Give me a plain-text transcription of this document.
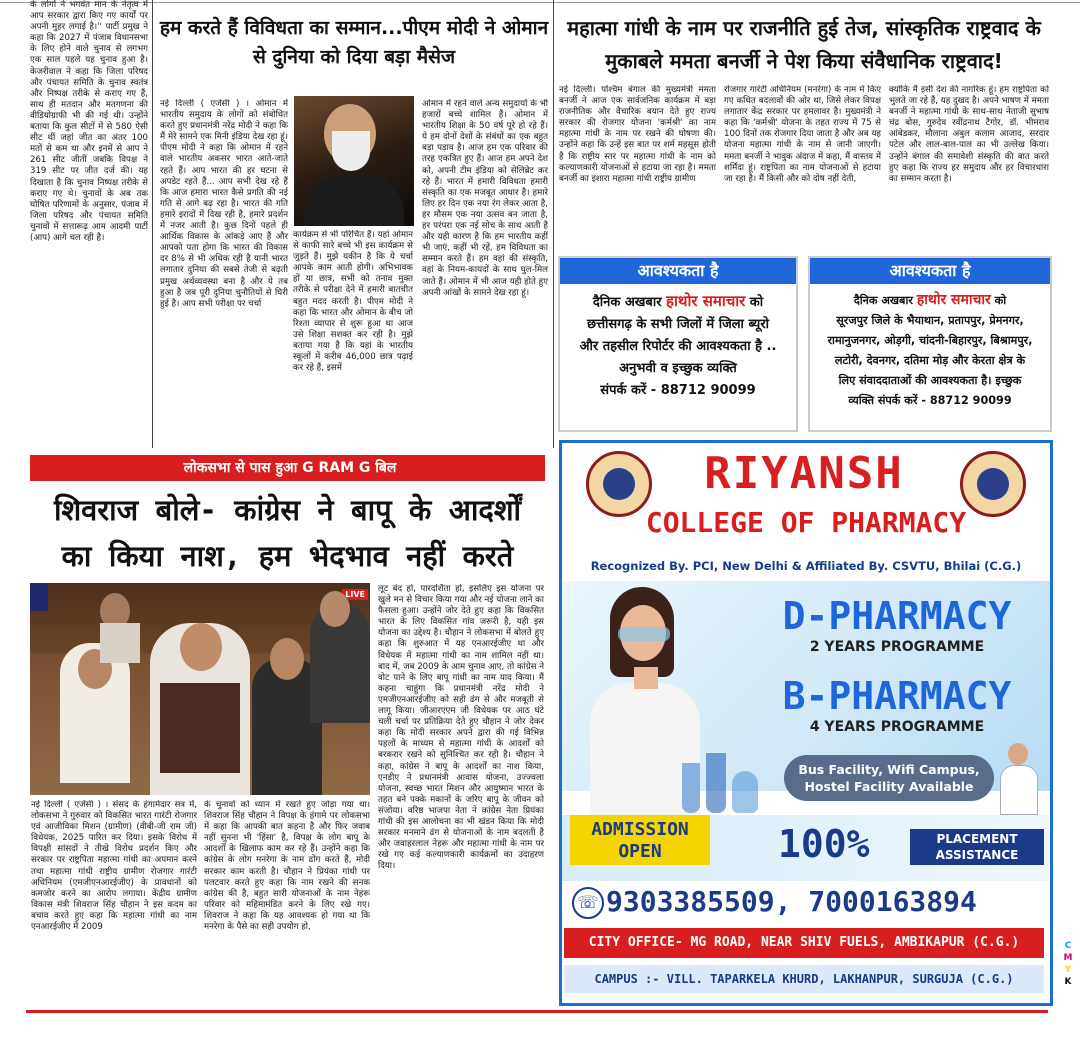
के लोगों ने भगवंत मान के नेतृत्व में आप सरकार द्वारा किए गए कार्यों पर अपनी मुहर लगाई है।'' पार्टी प्रमुख ने कहा कि 2027 में पंजाब विधानसभा के लिए होने वाले चुनाव से लगभग एक साल पहले यह चुनाव हुआ है। केजरीवाल ने कहा कि जिला परिषद और पंचायत समिति के चुनाव स्वतंत्र और निष्पक्ष तरीके से कराए गए हैं, साथ ही मतदान और मतगणना की वीडियोग्राफी भी की गई थी। उन्होंने बताया कि कुल सीटों में से 580 ऐसी सीट थीं जहां जीत का अंतर 100 मतों से कम था और इनमें से आप ने 261 सीट जीतीं जबकि विपक्ष ने 319 सीट पर जीत दर्ज की। यह दिखाता है कि चुनाव निष्पक्ष तरीके से कराए गए थे। चुनावों के अब तक घोषित परिणामों के अनुसार, पंजाब में जिला परिषद और पंचायत समिति चुनावों में सत्तारूढ़ आम आदमी पार्टी (आप) आगे चल रही है।
हम करते हैं विविधता का सम्मान...पीएम मोदी ने ओमान से दुनिया को दिया बड़ा मैसेज
नई दिल्ली ( एजेंसी ) । ओमान में भारतीय समुदाय के लोगों को संबोधित करते हुए प्रधानमंत्री नरेंद्र मोदी ने कहा कि मैं मेरे सामने एक मिनी इंडिया देख रहा हूं। पीएम मोदी ने कहा कि ओमान में रहने वाले भारतीय अकसर भारत आते-जाते रहते हैं। आप भारत की हर घटना से अपडेट रहते हैं... आप सभी देख रहे हैं कि आज हमारा भारत कैसे प्रगति की नई गति से आगे बढ़ रहा है। भारत की गति हमारे इरादों में दिख रही है, हमारे प्रदर्शन में नजर आती है। कुछ दिनों पहले ही आर्थिक विकास के आंकड़े आए हैं और आपको पता होगा कि भारत की विकास दर 8% से भी अधिक रही है यानी भारत लगातार दुनिया की सबसे तेजी से बढ़ती प्रमुख अर्थव्यवस्था बना है और ये तब हुआ है जब पूरी दुनिया चुनौतियों से घिरी हुई है। आप सभी परीक्षा पर चर्चा
कार्यक्रम से भी परिचित हैं। यहां ओमान से काफी सारे बच्चे भी इस कार्यक्रम से जुड़ते हैं। मुझे यकीन है कि ये चर्चा आपके काम आती होगी। अभिभावक हों या छात्र, सभी को तनाव मुक्त तरीके से परीक्षा देने में हमारी बातचीत बहुत मदद करती है। पीएम मोदी ने कहा कि भारत और ओमान के बीच जो रिश्ता व्यापार से शुरू हुआ था आज उसे शिक्षा सशक्त कर रही है। मुझे बताया गया है कि यहां के भारतीय स्कूलों में करीब 46,000 छात्र पढ़ाई कर रहे हैं, इसमें
ओमान में रहने वाले अन्य समुदायों के भी हजारों बच्चे शामिल हैं। ओमान में भारतीय शिक्षा के 50 वर्ष पूरे हो रहे हैं। ये हम दोनों देशों के संबंधों का एक बहुत बड़ा पड़ाव है। आज हम एक परिवार की तरह एकत्रित हुए हैं। आज हम अपने देश को, अपनी टीम इंडिया को सेलिब्रेट कर रहे हैं। भारत में हमारी विविधता हमारी संस्कृति का एक मजबूत आधार है। हमारे लिए हर दिन एक नया रंग लेकर आता है, हर मौसम एक नया उत्सव बन जाता है, हर परंपरा एक नई सोच के साथ आती है और यही कारण है कि हम भारतीय कहीं भी जाएं, कहीं भी रहें, हम विविधता का सम्मान करते हैं। हम वहां की संस्कृति, वहां के नियम-कायदों के साथ घुल-मिल जाते हैं। ओमान में भी आज यही होते हुए अपनी आंखों के सामने देख रहा हूं।
महात्मा गांधी के नाम पर राजनीति हुई तेज, सांस्कृतिक राष्ट्रवाद के मुकाबले ममता बनर्जी ने पेश किया संवैधानिक राष्ट्रवाद!
नई दिल्ली। पश्चिम बंगाल की मुख्यमंत्री ममता बनर्जी ने आज एक सार्वजनिक कार्यक्रम में बड़ा राजनीतिक और वैचारिक बयान देते हुए राज्य सरकार की रोजगार योजना 'कर्मश्री' का नाम महात्मा गांधी के नाम पर रखने की घोषणा की। उन्होंने कहा कि उन्हें इस बात पर शर्म महसूस होती है कि राष्ट्रीय स्तर पर महात्मा गांधी के नाम को कल्याणकारी योजनाओं से हटाया जा रहा है। ममता बनर्जी का इशारा महात्मा गांधी राष्ट्रीय ग्रामीण
रोजगार गारंटी अधिनियम (मनरेगा) के नाम में किए गए कथित बदलावों की ओर था, जिसे लेकर विपक्ष लगातार केंद्र सरकार पर हमलावर है। मुख्यमंत्री ने कहा कि 'कर्मश्री' योजना के तहत राज्य में 75 से 100 दिनों तक रोजगार दिया जाता है और अब यह योजना महात्मा गांधी के नाम से जानी जाएगी। ममता बनर्जी ने भावुक अंदाज में कहा, मैं वास्तव में शर्मिंदा हूं। राष्ट्रपिता का नाम योजनाओं से हटाया जा रहा है। मैं किसी और को दोष नहीं देती,
क्योंकि मैं इसी देश की नागरिक हूं। हम राष्ट्रपिता को भुलते जा रहे हैं, यह दुखद है। अपने भाषण में ममता बनर्जी ने महात्मा गांधी के साथ-साथ नेताजी सुभाष चंद्र बोस, गुरुदेव रवींद्रनाथ टैगोर, डॉ. भीमराव आंबेडकर, मौलाना अबुल कलाम आजाद, सरदार पटेल और लाल-बाल-पाल का भी उल्लेख किया। उन्होंने बंगाल की समावेशी संस्कृति की बात करते हुए कहा कि राज्य हर समुदाय और हर विचारधारा का सम्मान करता है।
आवश्यकता है
दैनिक अखबार हाथोर समाचार को
छत्तीसगढ़ के सभी जिलों में जिला ब्यूरो
और तहसील रिपोर्टर की आवश्यकता है ..
अनुभवी व इच्छुक व्यक्ति
संपर्क करें - 88712 90099
आवश्यकता है
दैनिक अखबार हाथोर समाचार को
सूरजपुर जिले के भैयाथान, प्रतापपुर, प्रेमनगर,
रामानुजनगर, ओड़गी, चांदनी-बिहारपुर, बिश्रामपुर,
लटोरी, देवनगर, दतिमा मोड़ और केरता क्षेत्र के
लिए संवाददाताओं की आवश्यकता है। इच्छुक
व्यक्ति संपर्क करें - 88712 90099
लोकसभा से पास हुआ G RAM G बिल
शिवराज बोले- कांग्रेस ने बापू के आदर्शों
का किया नाश, हम भेदभाव नहीं करते
LIVE
लूट बंद हो, पारदर्शिता हो, इसलिए इस योजना पर खुले मन से विचार किया गया और नई योजना लाने का फैसला हुआ। उन्होंने जोर देते हुए कहा कि विकसित भारत के लिए विकसित गांव जरूरी है, यही इस योजना का उद्देश्य है। चौहान ने लोकसभा में बोलते हुए कहा कि शुरुआत में यह एनआरईजीए था और विधेयक में महात्मा गांधी का नाम शामिल नहीं था। बाद में, जब 2009 के आम चुनाव आए, तो कांग्रेस ने वोट पाने के लिए बापू गांधी का नाम याद किया। मैं कहना चाहूंगा कि प्रधानमंत्री नरेंद्र मोदी ने एमजीएनआरईजीए को सही ढंग से और मजबूती से लागू किया। जीआरएएम जी विधेयक पर आठ घंटे चली चर्चा पर प्रतिक्रिया देते हुए चौहान ने जोर देकर कहा कि मोदी सरकार अपने द्वारा की गई विभिन्न पहलों के माध्यम से महात्मा गांधी के आदर्शों को बरकरार रखने को सुनिश्चित कर रही है। चौहान ने कहा, कांग्रेस ने बापू के आदर्शों का नाश किया, एनडीए ने प्रधानमंत्री आवास योजना, उज्ज्वला योजना, स्वच्छ भारत मिशन और आयुष्मान भारत के तहत बने पक्के मकानों के जरिए बापू के जीवन को संजोया। वरिष्ठ भाजपा नेता ने कांग्रेस नेता प्रियंका गांधी की इस आलोचना का भी खंडन किया कि मोदी सरकार मनमाने ढंग से योजनाओं के नाम बदलती है और जवाहरलाल नेहरू और महात्मा गांधी के नाम पर रखे गए कई कल्याणकारी कार्यक्रमों का उदाहरण दिया।
नई दिल्ली ( एजेंसी ) । संसद के हंगामेदार सत्र में, लोकसभा ने गुरुवार को विकसित भारत गारंटी रोजगार एवं आजीविका मिशन (ग्रामीण) (वीबी-जी राम जी) विधेयक, 2025 पारित कर दिया। इसके विरोध में विपक्षी सांसदों ने तीखे विरोध प्रदर्शन किए और सरकार पर राष्ट्रपिता महात्मा गांधी का अपमान करने तथा महात्मा गांधी राष्ट्रीय ग्रामीण रोजगार गारंटी अधिनियम (एमजीएनआरईजीए) के प्रावधानों को कमजोर करने का आरोप लगाया। केंद्रीय ग्रामीण विकास मंत्री शिवराज सिंह चौहान ने इस कदम का बचाव करते हुए कहा कि महात्मा गांधी का नाम एनआरईजीए में 2009
के चुनावों को ध्यान में रखते हुए जोड़ा गया था। शिवराज सिंह चौहान ने विपक्ष के हंगामे पर लोकसभा में कहा कि आपकी बात कहना है और फिर जवाब नहीं सुनना भी 'हिंसा' है, विपक्ष के लोग बापू के आदर्शों के खिलाफ काम कर रहे हैं। उन्होंने कहा कि कांग्रेस के लोग मनरेगा के नाम ढोंग करते हैं, मोदी सरकार काम करती है। चौहान ने प्रियंका गांधी पर पलटवार करते हुए कहा कि नाम रखने की सनक कांग्रेस की है, बहुत सारी योजनाओं के नाम नेहरू परिवार को महिमामंडित करने के लिए रखे गए। शिवराज ने कहा कि यह आवश्यक हो गया था कि मनरेगा के पैसे का सही उपयोग हो,
RIYANSH
COLLEGE OF PHARMACY
Recognized By. PCI, New Delhi & Affiliated By. CSVTU, Bhilai (C.G.)
D-PHARMACY
2 YEARS PROGRAMME
B-PHARMACY
4 YEARS PROGRAMME
Bus Facility, Wifi Campus, Hostel Facility Available
ADMISSION
OPEN	100%	PLACEMENT
ASSISTANCE
☏ 9303385509, 7000163894
CITY OFFICE- MG ROAD, NEAR SHIV FUELS, AMBIKAPUR (C.G.)
CAMPUS :- VILL. TAPARKELA KHURD, LAKHANPUR, SURGUJA (C.G.)
C
M
Y
K
